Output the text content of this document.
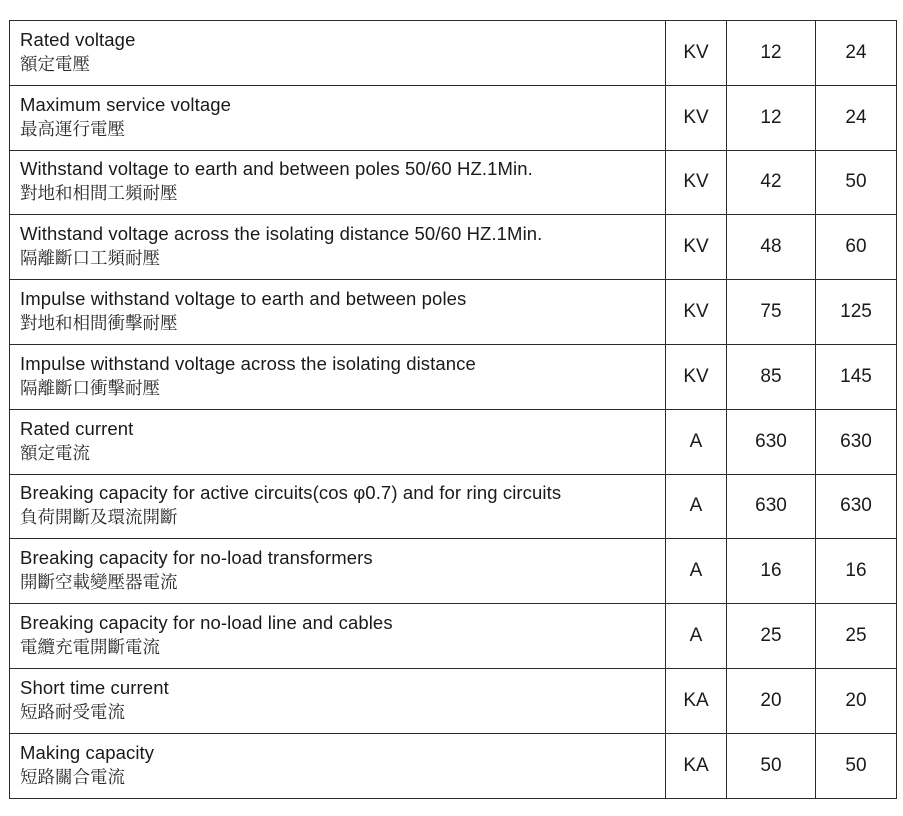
Rated voltage
額定電壓	KV	12	24

Maximum service voltage
最高運行電壓	KV	12	24

Withstand voltage to earth and between poles 50/60 HZ.1Min.
對地和相間工頻耐壓	KV	42	50

Withstand voltage across the isolating distance 50/60 HZ.1Min.
隔離斷口工頻耐壓	KV	48	60

Impulse withstand voltage to earth and between poles
對地和相間衝擊耐壓	KV	75	125

Impulse withstand voltage across the isolating distance
隔離斷口衝擊耐壓	KV	85	145

Rated current
額定電流	A	630	630

Breaking capacity for active circuits(cos φ0.7) and for ring circuits
負荷開斷及環流開斷	A	630	630

Breaking capacity for no-load transformers
開斷空載變壓器電流	A	16	16

Breaking capacity for no-load line and cables
電纜充電開斷電流	A	25	25

Short time current
短路耐受電流	KA	20	20

Making capacity
短路關合電流	KA	50	50
